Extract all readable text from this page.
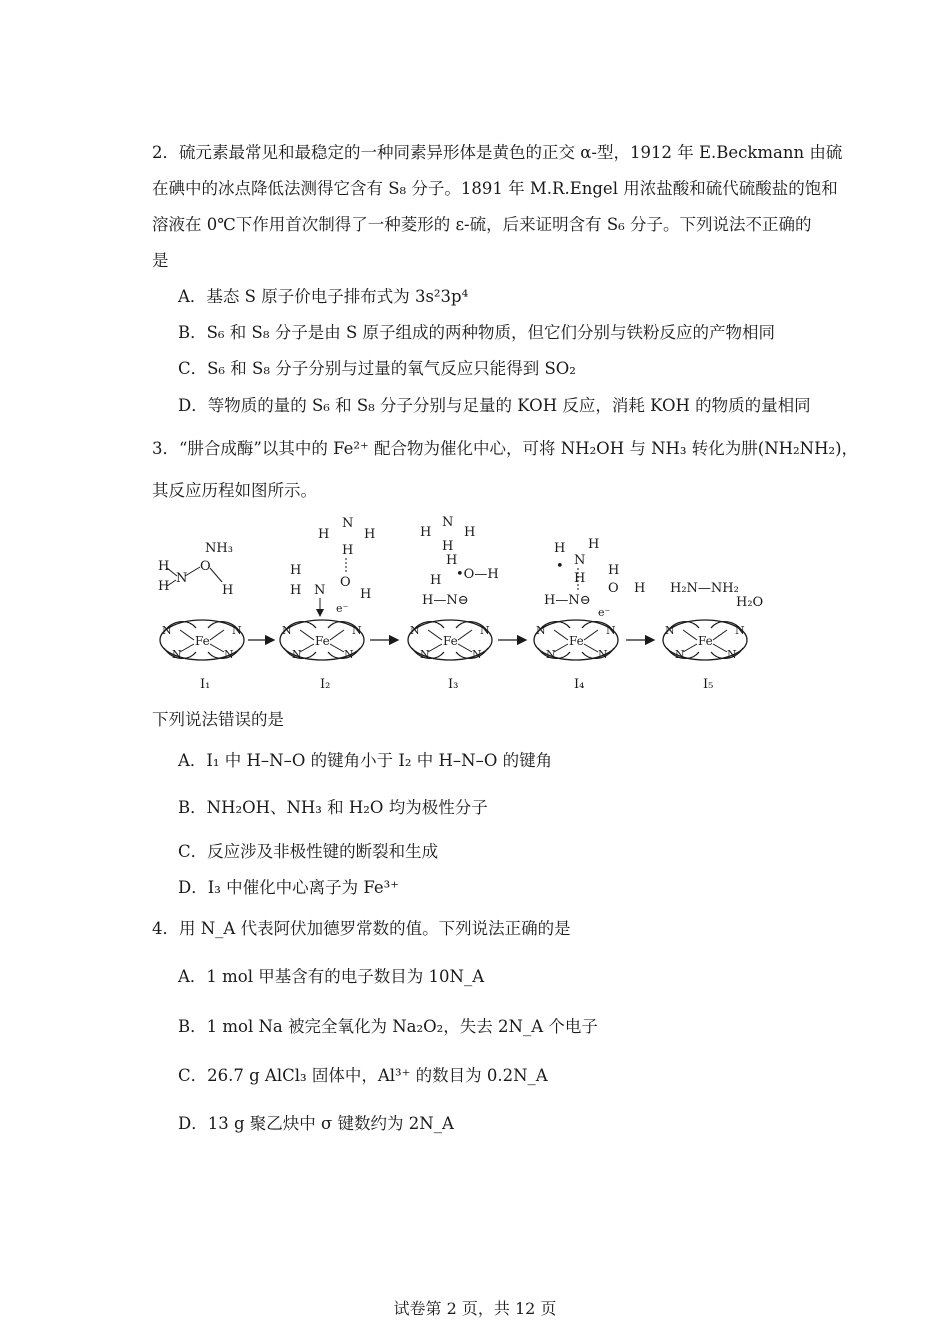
2．硫元素最常见和最稳定的一种同素异形体是黄色的正交 α-型，1912 年 E.Beckmann 由硫
在碘中的冰点降低法测得它含有 S₈ 分子。1891 年 M.R.Engel 用浓盐酸和硫代硫酸盐的饱和
溶液在 0℃下作用首次制得了一种菱形的 ε-硫，后来证明含有 S₆ 分子。下列说法不正确的
是
A．基态 S 原子价电子排布式为 3s²3p⁴
B．S₆ 和 S₈ 分子是由 S 原子组成的两种物质，但它们分别与铁粉反应的产物相同
C．S₆ 和 S₈ 分子分别与过量的氧气反应只能得到 SO₂
D．等物质的量的 S₆ 和 S₈ 分子分别与足量的 KOH 反应，消耗 KOH 的物质的量相同
3．“肼合成酶”以其中的 Fe²⁺ 配合物为催化中心，可将 NH₂OH 与 NH₃ 转化为肼(NH₂NH₂)，
其反应历程如图所示。
Fe
N	N
N	N
NH₃
H
H
N
O
H
Fe
N	N
N	N
H
N
H
H
H
H N
O
H
e⁻
Fe
N	N
N	N
H
N
H
H
H
•O—H
H
H—N⊖
Fe
N	N
N	N
H
N
H
•
H
H
O H
H—N⊖
e⁻
Fe
N	N
N	N
H₂N—NH₂
H₂O
I₁	I₂	I₃	I₄	I₅
下列说法错误的是
A．I₁ 中 H–N–O 的键角小于 I₂ 中 H–N–O 的键角
B．NH₂OH、NH₃ 和 H₂O 均为极性分子
C．反应涉及非极性键的断裂和生成
D．I₃ 中催化中心离子为 Fe³⁺
4．用 N_A 代表阿伏加德罗常数的值。下列说法正确的是
A．1 mol 甲基含有的电子数目为 10N_A
B．1 mol Na 被完全氧化为 Na₂O₂，失去 2N_A 个电子
C．26.7 g AlCl₃ 固体中，Al³⁺ 的数目为 0.2N_A
D．13 g 聚乙炔中 σ 键数约为 2N_A
试卷第 2 页，共 12 页
